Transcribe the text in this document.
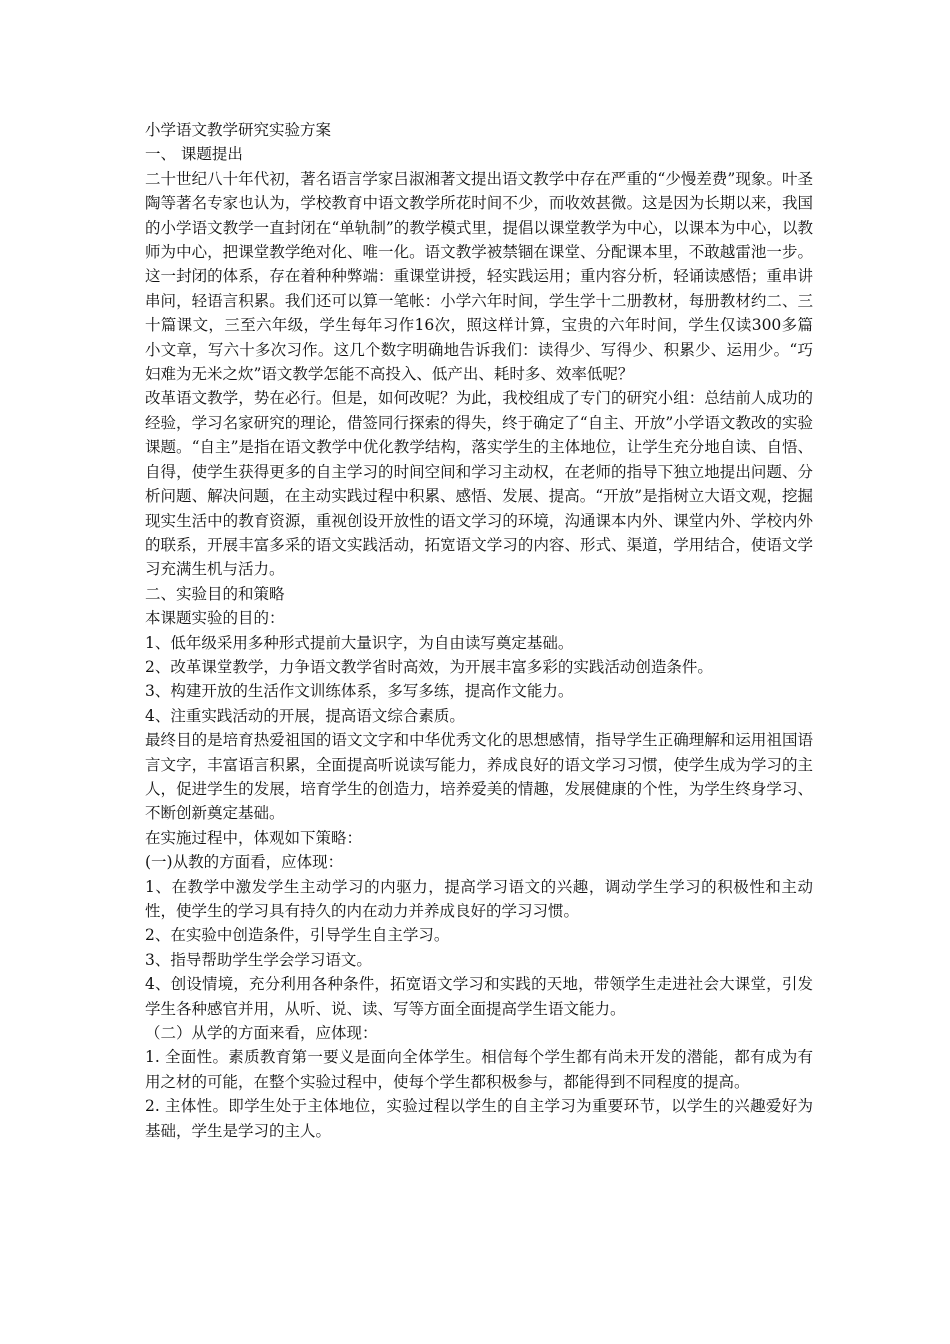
小学语文教学研究实验方案

一、 课题提出

二十世纪八十年代初，著名语言学家吕淑湘著文提出语文教学中存在严重的“少慢差费”现象。叶圣陶等著名专家也认为，学校教育中语文教学所花时间不少，而收效甚微。这是因为长期以来，我国的小学语文教学一直封闭在“单轨制”的教学模式里，提倡以课堂教学为中心，以课本为中心，以教师为中心，把课堂教学绝对化、唯一化。语文教学被禁锢在课堂、分配课本里，不敢越雷池一步。这一封闭的体系，存在着种种弊端：重课堂讲授，轻实践运用；重内容分析，轻诵读感悟；重串讲串问，轻语言积累。我们还可以算一笔帐：小学六年时间，学生学十二册教材，每册教材约二、三十篇课文，三至六年级，学生每年习作16次，照这样计算，宝贵的六年时间，学生仅读300多篇小文章，写六十多次习作。这几个数字明确地告诉我们：读得少、写得少、积累少、运用少。“巧妇难为无米之炊”语文教学怎能不高投入、低产出、耗时多、效率低呢？

改革语文教学，势在必行。但是，如何改呢？为此，我校组成了专门的研究小组：总结前人成功的经验，学习名家研究的理论，借签同行探索的得失，终于确定了“自主、开放”小学语文教改的实验课题。“自主”是指在语文教学中优化教学结构，落实学生的主体地位，让学生充分地自读、自悟、自得，使学生获得更多的自主学习的时间空间和学习主动权，在老师的指导下独立地提出问题、分析问题、解决问题，在主动实践过程中积累、感悟、发展、提高。“开放”是指树立大语文观，挖掘现实生活中的教育资源，重视创设开放性的语文学习的环境，沟通课本内外、课堂内外、学校内外的联系，开展丰富多采的语文实践活动，拓宽语文学习的内容、形式、渠道，学用结合，使语文学习充满生机与活力。

二、实验目的和策略

本课题实验的目的：

1、低年级采用多种形式提前大量识字，为自由读写奠定基础。

2、改革课堂教学，力争语文教学省时高效，为开展丰富多彩的实践活动创造条件。

3、构建开放的生活作文训练体系，多写多练，提高作文能力。

4、注重实践活动的开展，提高语文综合素质。

最终目的是培育热爱祖国的语文文字和中华优秀文化的思想感情，指导学生正确理解和运用祖国语言文字，丰富语言积累，全面提高听说读写能力，养成良好的语文学习习惯，使学生成为学习的主人，促进学生的发展，培育学生的创造力，培养爱美的情趣，发展健康的个性，为学生终身学习、不断创新奠定基础。

在实施过程中，体观如下策略：

(一)从教的方面看，应体现：

1、在教学中激发学生主动学习的内驱力，提高学习语文的兴趣，调动学生学习的积极性和主动性，使学生的学习具有持久的内在动力并养成良好的学习习惯。

2、在实验中创造条件，引导学生自主学习。

3、指导帮助学生学会学习语文。

4、创设情境，充分利用各种条件，拓宽语文学习和实践的天地，带领学生走进社会大课堂，引发学生各种感官并用，从听、说、读、写等方面全面提高学生语文能力。

（二）从学的方面来看，应体现：

1. 全面性。素质教育第一要义是面向全体学生。相信每个学生都有尚未开发的潜能，都有成为有用之材的可能，在整个实验过程中，使每个学生都积极参与，都能得到不同程度的提高。

2. 主体性。即学生处于主体地位，实验过程以学生的自主学习为重要环节，以学生的兴趣爱好为基础，学生是学习的主人。
